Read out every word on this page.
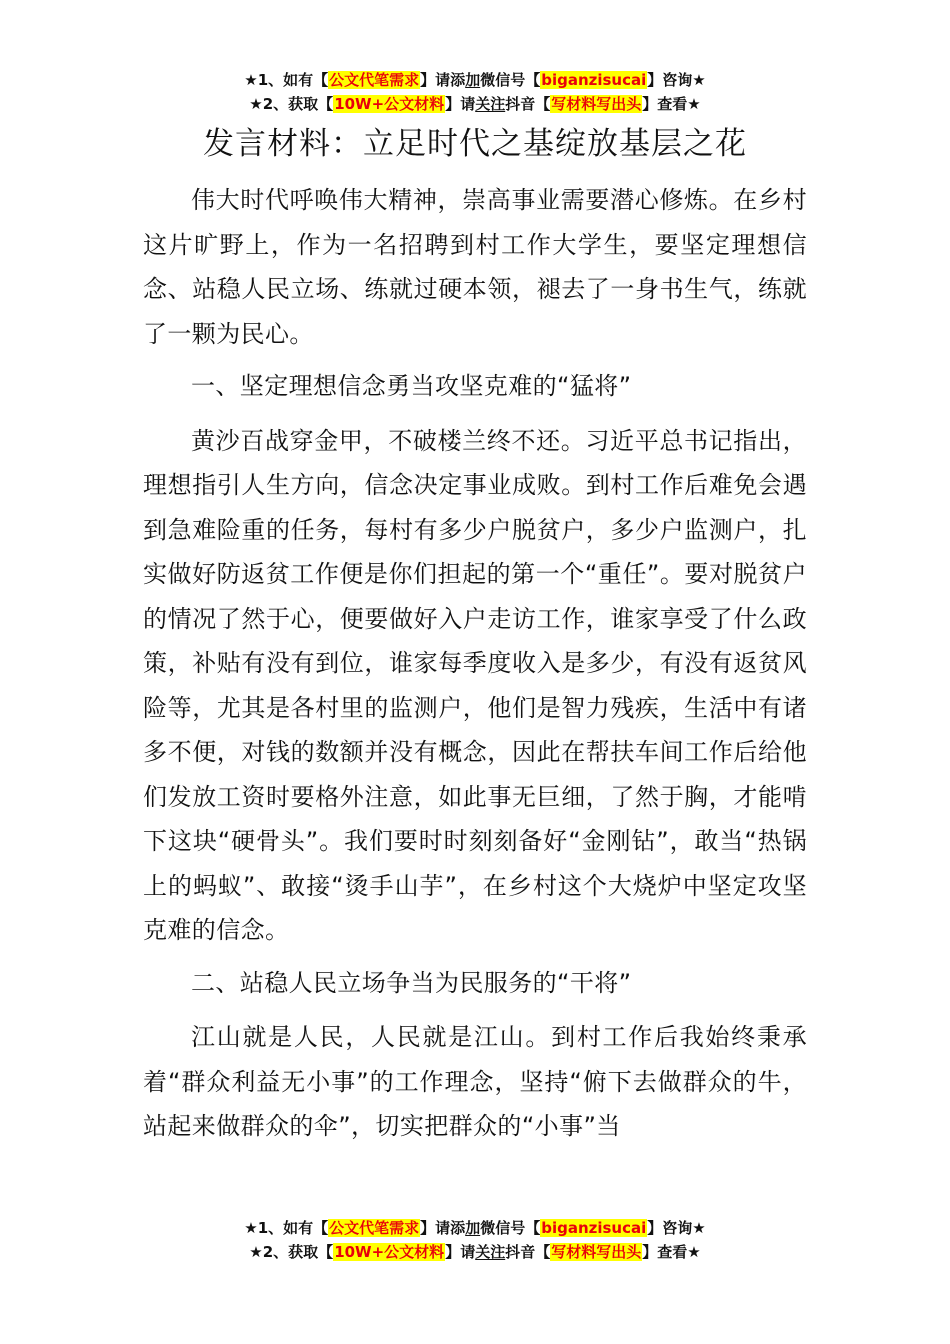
★1、如有【公文代笔需求】请添加微信号【biganzisucai】咨询★
★2、获取【10W+公文材料】请关注抖音【写材料写出头】查看★
发言材料：立足时代之基绽放基层之花

伟大时代呼唤伟大精神，崇高事业需要潜心修炼。在乡村这片旷野上，作为一名招聘到村工作大学生，要坚定理想信念、站稳人民立场、练就过硬本领，褪去了一身书生气，练就了一颗为民心。

一、坚定理想信念勇当攻坚克难的“猛将”

黄沙百战穿金甲，不破楼兰终不还。习近平总书记指出，理想指引人生方向，信念决定事业成败。到村工作后难免会遇到急难险重的任务，每村有多少户脱贫户，多少户监测户，扎实做好防返贫工作便是你们担起的第一个“重任”。要对脱贫户的情况了然于心，便要做好入户走访工作，谁家享受了什么政策，补贴有没有到位，谁家每季度收入是多少，有没有返贫风险等，尤其是各村里的监测户，他们是智力残疾，生活中有诸多不便，对钱的数额并没有概念，因此在帮扶车间工作后给他们发放工资时要格外注意，如此事无巨细，了然于胸，才能啃下这块“硬骨头”。我们要时时刻刻备好“金刚钻”，敢当“热锅上的蚂蚁”、敢接“烫手山芋”，在乡村这个大烧炉中坚定攻坚克难的信念。

二、站稳人民立场争当为民服务的“干将”

江山就是人民，人民就是江山。到村工作后我始终秉承着“群众利益无小事”的工作理念，坚持“俯下去做群众的牛，站起来做群众的伞”，切实把群众的“小事”当

★1、如有【公文代笔需求】请添加微信号【biganzisucai】咨询★
★2、获取【10W+公文材料】请关注抖音【写材料写出头】查看★
